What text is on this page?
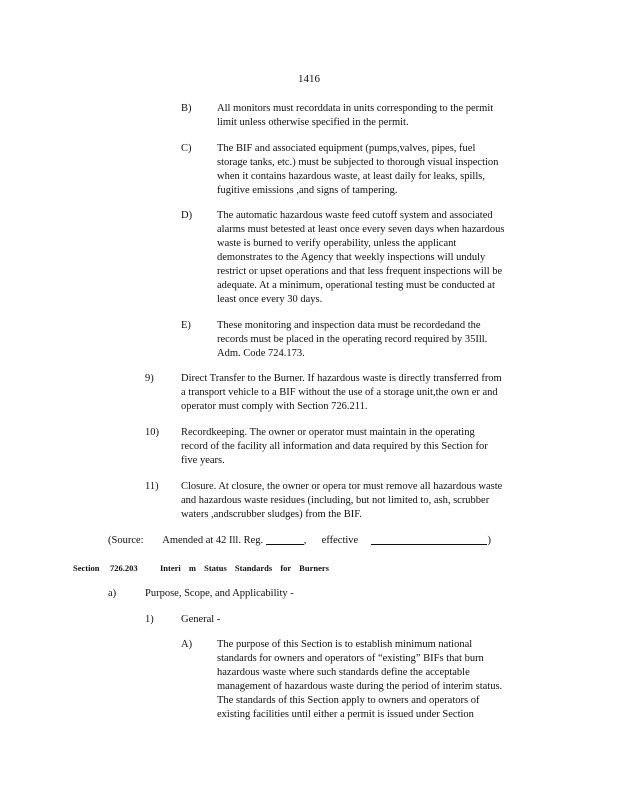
1416
B) All monitors must recorddata in units corresponding to the permit
limit unless otherwise specified in the permit.
C) The BIF and associated equipment (pumps,valves, pipes, fuel
storage tanks, etc.) must be subjected to thorough visual inspection
when it contains hazardous waste, at least daily for leaks, spills,
fugitive emissions ,and signs of tampering.
D) The automatic hazardous waste feed cutoff system and associated
alarms must betested at least once every seven days when hazardous
waste is burned to verify operability, unless the applicant
demonstrates to the Agency that weekly inspections will unduly
restrict or upset operations and that less frequent inspections will be
adequate. At a minimum, operational testing must be conducted at
least once every 30 days.
E) These monitoring and inspection data must be recordedand the
records must be placed in the operating record required by 35Ill.
Adm. Code 724.173.
9)	Direct Transfer to the Burner. If hazardous waste is directly transferred from
a transport vehicle to a BIF without the use of a storage unit,the own er and
operator must comply with Section 726.211.
10) Recordkeeping. The owner or operator must maintain in the operating
record of the facility all information and data required by this Section for
five years.
11) Closure. At closure, the owner or opera tor must remove all hazardous waste
and hazardous waste residues (including, but not limited to, ash, scrubber
waters ,andscrubber sludges) from the BIF.
(Source: Amended at 42 Ill. Reg.	,  effective	)
Section 726.203	Interi m Status Standards for Burners
a)	Purpose, Scope, and Applicability -
1)	General -
A) The purpose of this Section is to establish minimum national
standards for owners and operators of “existing” BIFs that burn
hazardous waste where such standards define the acceptable
management of hazardous waste during the period of interim status.
The standards of this Section apply to owners and operators of
existing facilities until either a permit is issued under Section
